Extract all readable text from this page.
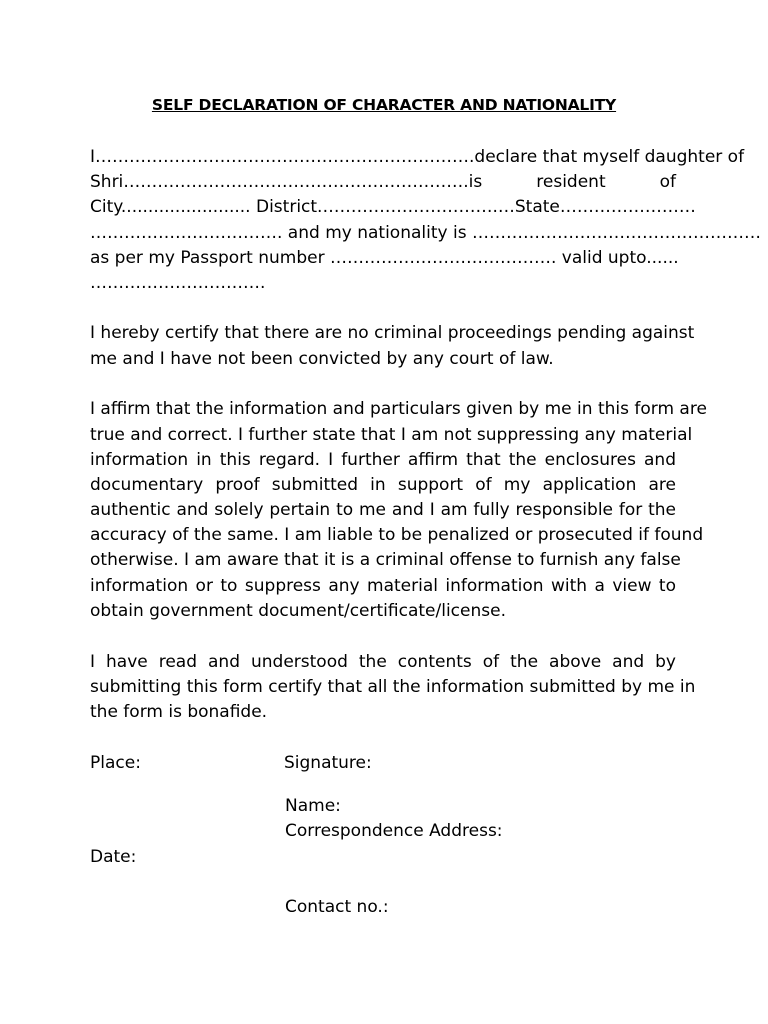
SELF DECLARATION OF CHARACTER AND NATIONALITY
I………………………………………………………….declare that myself daughter of
Shri…………………………………………………….is resident of
City........................ District.………………………….…State……………………
……………………………. and my nationality is ……………………………………………
as per my Passport number …………………………………. valid upto......
………………………….
I hereby certify that there are no criminal proceedings pending against
me and I have not been convicted by any court of law.
I affirm that the information and particulars given by me in this form are
true and correct. I further state that I am not suppressing any material
information in this regard. I further affirm that the enclosures and
documentary proof submitted in support of my application are
authentic and solely pertain to me and I am fully responsible for the
accuracy of the same. I am liable to be penalized or prosecuted if found
otherwise. I am aware that it is a criminal offense to furnish any false
information or to suppress any material information with a view to
obtain government document/certificate/license.
I have read and understood the contents of the above and by
submitting this form certify that all the information submitted by me in
the form is bonafide.
Place:	Signature:
Name:
Correspondence Address:
Date:
Contact no.:
